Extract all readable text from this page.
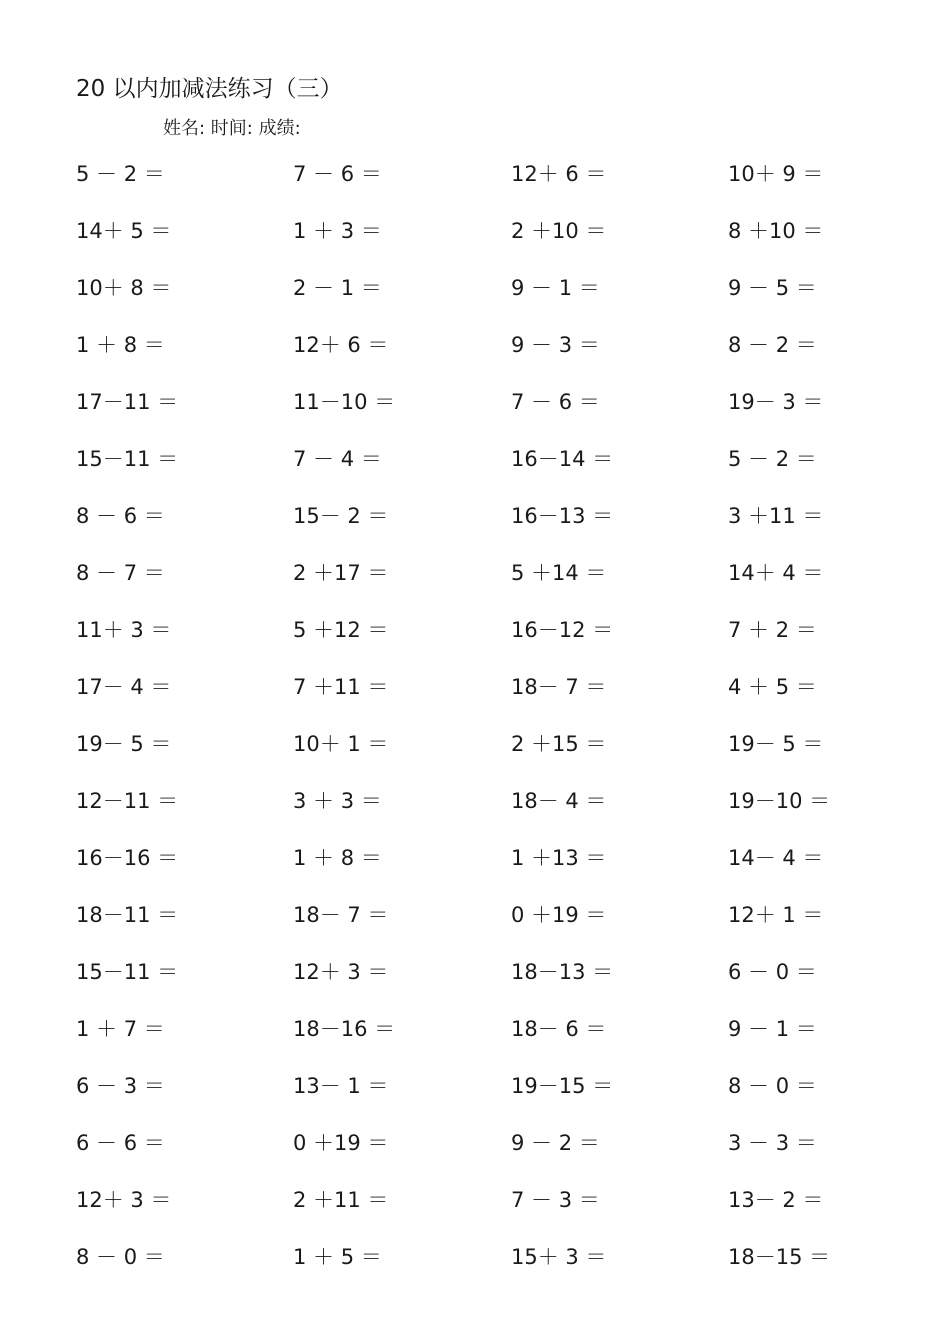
20 以内加减法练习（三）
姓名: 时间: 成绩:
5 － 2 ＝	7 － 6 ＝	12＋ 6 ＝	10＋ 9 ＝
14＋ 5 ＝	1 ＋ 3 ＝	2 ＋10 ＝	8 ＋10 ＝
10＋ 8 ＝	2 － 1 ＝	9 － 1 ＝	9 － 5 ＝
1 ＋ 8 ＝	12＋ 6 ＝	9 － 3 ＝	8 － 2 ＝
17－11 ＝	11－10 ＝	7 － 6 ＝	19－ 3 ＝
15－11 ＝	7 － 4 ＝	16－14 ＝	5 － 2 ＝
8 － 6 ＝	15－ 2 ＝	16－13 ＝	3 ＋11 ＝
8 － 7 ＝	2 ＋17 ＝	5 ＋14 ＝	14＋ 4 ＝
11＋ 3 ＝	5 ＋12 ＝	16－12 ＝	7 ＋ 2 ＝
17－ 4 ＝	7 ＋11 ＝	18－ 7 ＝	4 ＋ 5 ＝
19－ 5 ＝	10＋ 1 ＝	2 ＋15 ＝	19－ 5 ＝
12－11 ＝	3 ＋ 3 ＝	18－ 4 ＝	19－10 ＝
16－16 ＝	1 ＋ 8 ＝	1 ＋13 ＝	14－ 4 ＝
18－11 ＝	18－ 7 ＝	0 ＋19 ＝	12＋ 1 ＝
15－11 ＝	12＋ 3 ＝	18－13 ＝	6 － 0 ＝
1 ＋ 7 ＝	18－16 ＝	18－ 6 ＝	9 － 1 ＝
6 － 3 ＝	13－ 1 ＝	19－15 ＝	8 － 0 ＝
6 － 6 ＝	0 ＋19 ＝	9 － 2 ＝	3 － 3 ＝
12＋ 3 ＝	2 ＋11 ＝	7 － 3 ＝	13－ 2 ＝
8 － 0 ＝	1 ＋ 5 ＝	15＋ 3 ＝	18－15 ＝
